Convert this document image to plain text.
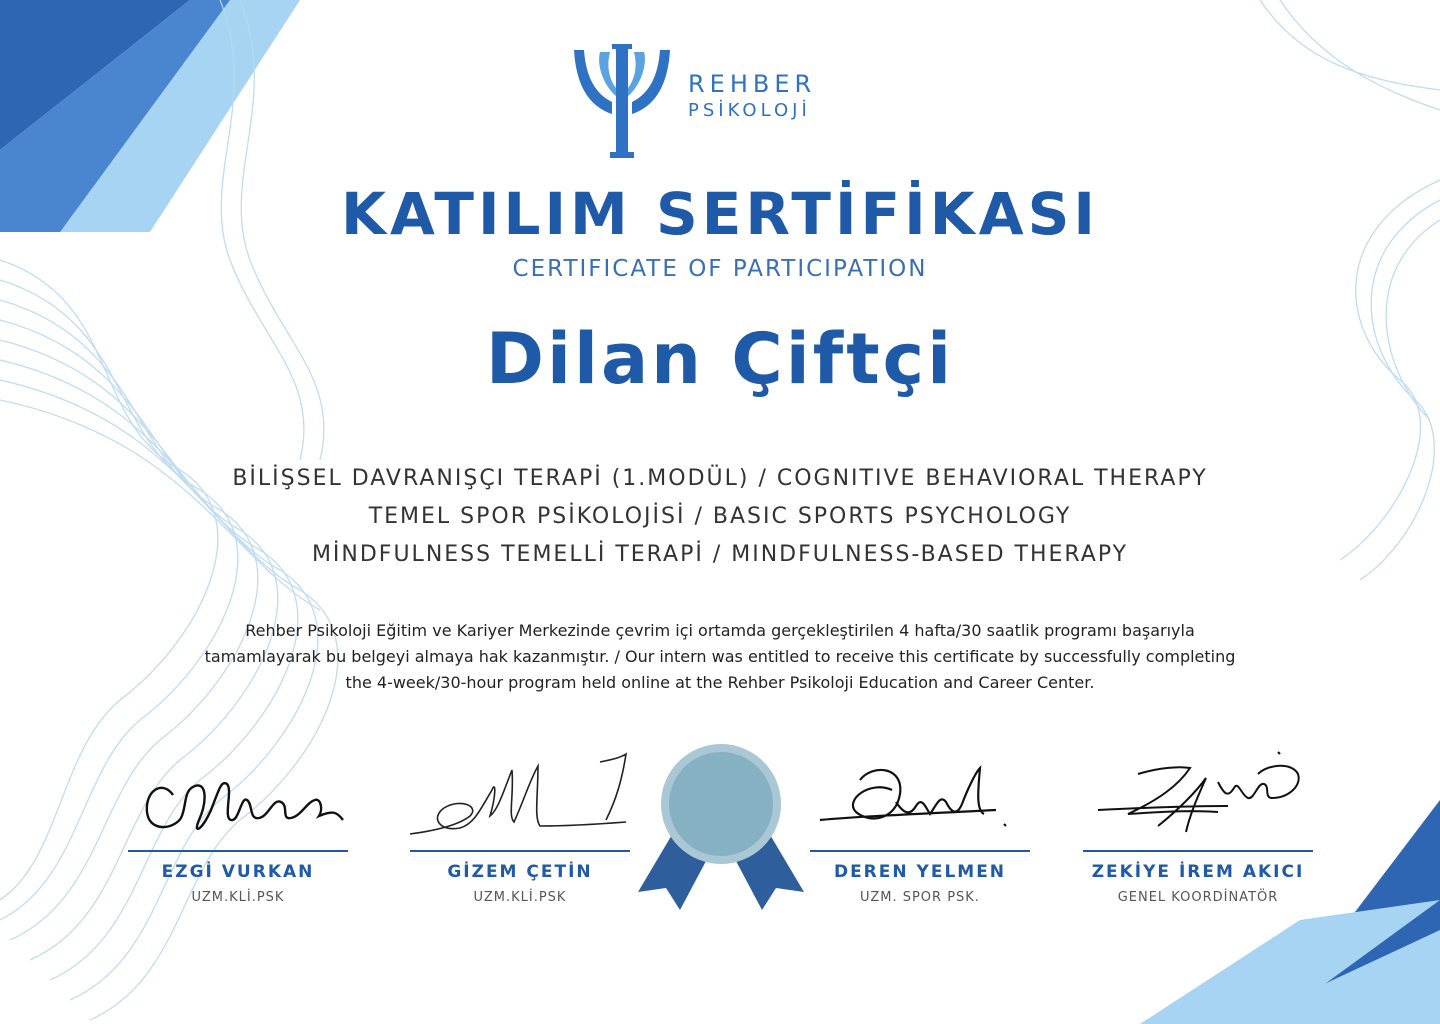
REHBER
PSİKOLOJİ
KATILIM SERTİFİKASI
CERTIFICATE OF PARTICIPATION
Dilan Çiftçi
BİLİŞSEL DAVRANIŞÇI TERAPİ (1.MODÜL) / COGNITIVE BEHAVIORAL THERAPY
TEMEL SPOR PSİKOLOJİSİ / BASIC SPORTS PSYCHOLOGY
MİNDFULNESS TEMELLİ TERAPİ / MINDFULNESS-BASED THERAPY
Rehber Psikoloji Eğitim ve Kariyer Merkezinde çevrim içi ortamda gerçekleştirilen 4 hafta/30 saatlik programı başarıyla
tamamlayarak bu belgeyi almaya hak kazanmıştır. / Our intern was entitled to receive this certificate by successfully completing
the 4-week/30-hour program held online at the Rehber Psikoloji Education and Career Center.
EZGİ VURKAN
UZM.KLİ.PSK
GİZEM ÇETİN
UZM.KLİ.PSK
DEREN YELMEN
UZM. SPOR PSK.
ZEKİYE İREM AKICI
GENEL KOORDİNATÖR
